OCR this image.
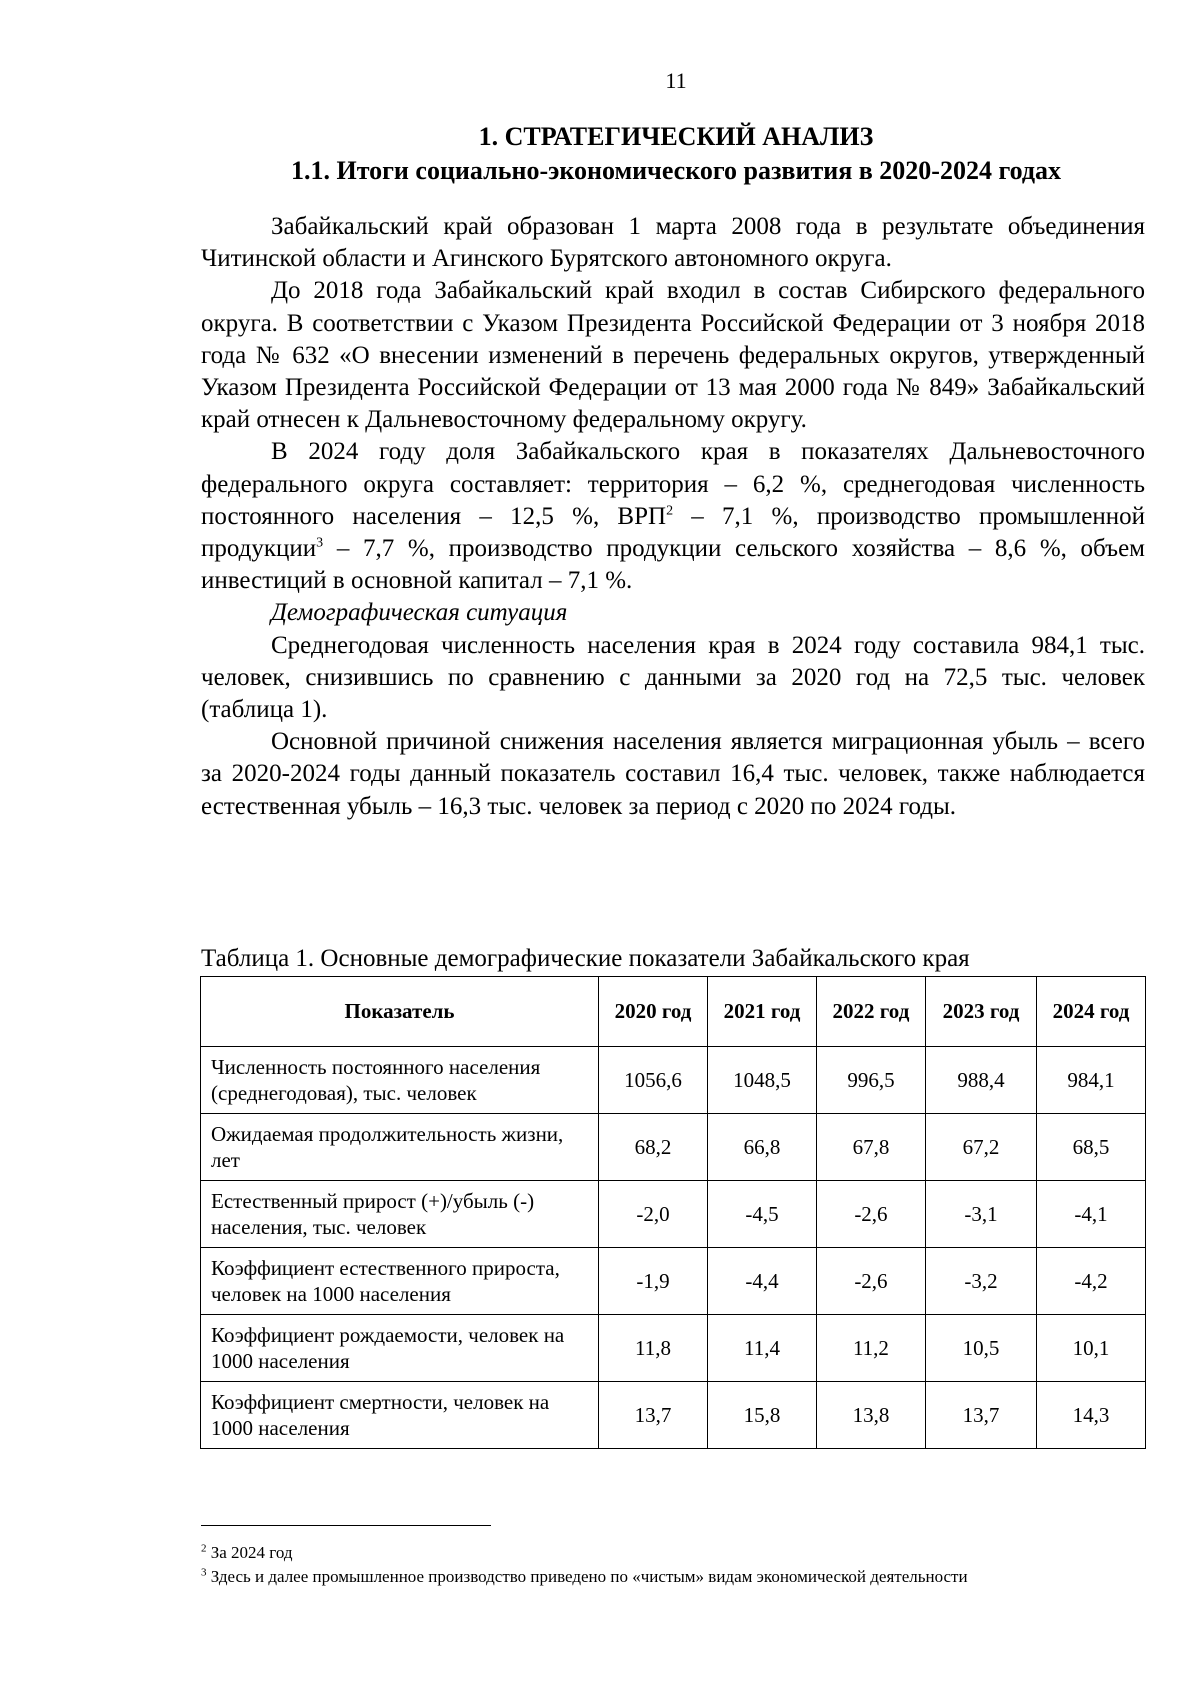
11
1. СТРАТЕГИЧЕСКИЙ АНАЛИЗ
1.1. Итоги социально-экономического развития в 2020-2024 годах

Забайкальский край образован 1 марта 2008 года в результате объединения Читинской области и Агинского Бурятского автономного округа.

До 2018 года Забайкальский край входил в состав Сибирского федерального округа. В соответствии с Указом Президента Российской Федерации от 3 ноября 2018 года № 632 «О внесении изменений в перечень федеральных округов, утвержденный Указом Президента Российской Федерации от 13 мая 2000 года № 849» Забайкальский край отнесен к Дальневосточному федеральному округу.

В 2024 году доля Забайкальского края в показателях Дальневосточного федерального округа составляет: территория – 6,2 %, среднегодовая численность постоянного населения – 12,5 %, ВРП$^2$ – 7,1 %, производство промышленной продукции$^3$ – 7,7 %, производство продукции сельского хозяйства – 8,6 %, объем инвестиций в основной капитал – 7,1 %.

Демографическая ситуация

Среднегодовая численность населения края в 2024 году составила 984,1 тыс. человек, снизившись по сравнению с данными за 2020 год на 72,5 тыс. человек (таблица 1).

Основной причиной снижения населения является миграционная убыль – всего за 2020-2024 годы данный показатель составил 16,4 тыс. человек, также наблюдается естественная убыль – 16,3 тыс. человек за период с 2020 по 2024 годы.

Таблица 1. Основные демографические показатели Забайкальского края
Показатель	2020 год	2021 год	2022 год	2023 год	2024 год
Численность постоянного населения (среднегодовая), тыс. человек	1056,6	1048,5	996,5	988,4	984,1
Ожидаемая продолжительность жизни, лет	68,2	66,8	67,8	67,2	68,5
Естественный прирост (+)/убыль (-) населения, тыс. человек	-2,0	-4,5	-2,6	-3,1	-4,1
Коэффициент естественного прироста, человек на 1000 населения	-1,9	-4,4	-2,6	-3,2	-4,2
Коэффициент рождаемости, человек на 1000 населения	11,8	11,4	11,2	10,5	10,1
Коэффициент смертности, человек на 1000 населения	13,7	15,8	13,8	13,7	14,3
$^2$ За 2024 год
$^3$ Здесь и далее промышленное производство приведено по «чистым» видам экономической деятельности
